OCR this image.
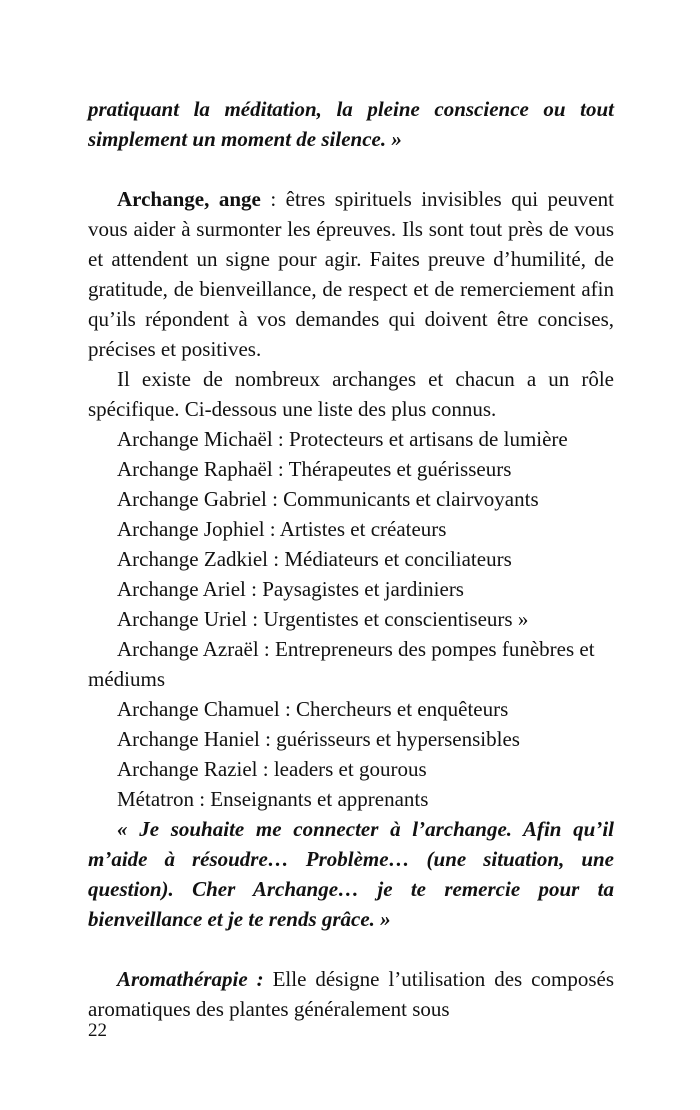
pratiquant la méditation, la pleine conscience ou tout simplement un moment de silence. »

Archange, ange : êtres spirituels invisibles qui peuvent vous aider à surmonter les épreuves. Ils sont tout près de vous et attendent un signe pour agir. Faites preuve d’humilité, de gratitude, de bienveillance, de respect et de remerciement afin qu’ils répondent à vos demandes qui doivent être concises, précises et positives.

Il existe de nombreux archanges et chacun a un rôle spécifique. Ci-dessous une liste des plus connus.

Archange Michaël : Protecteurs et artisans de lumière
Archange Raphaël : Thérapeutes et guérisseurs
Archange Gabriel : Communicants et clairvoyants
Archange Jophiel : Artistes et créateurs
Archange Zadkiel : Médiateurs et conciliateurs
Archange Ariel : Paysagistes et jardiniers
Archange Uriel : Urgentistes et conscientiseurs »
Archange Azraël : Entrepreneurs des pompes funèbres et médiums
Archange Chamuel : Chercheurs et enquêteurs
Archange Haniel : guérisseurs et hypersensibles
Archange Raziel : leaders et gourous
Métatron : Enseignants et apprenants

« Je souhaite me connecter à l’archange. Afin qu’il m’aide à résoudre… Problème… (une situation, une question). Cher Archange… je te remercie pour ta bienveillance et je te rends grâce. »

Aromathérapie : Elle désigne l’utilisation des composés aromatiques des plantes généralement sous

22
